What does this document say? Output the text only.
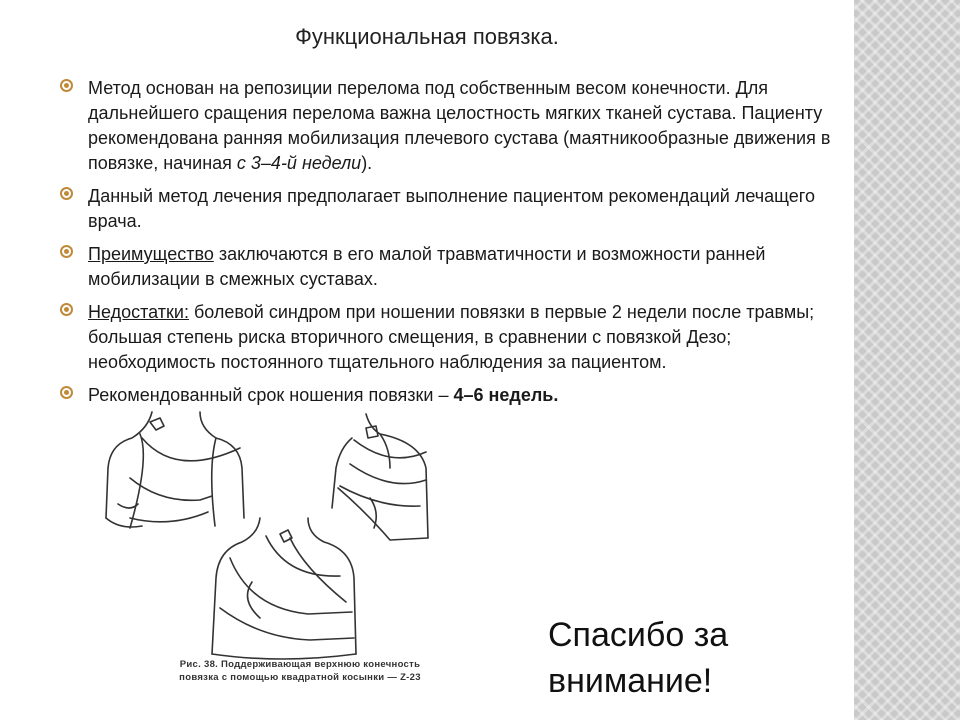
Функциональная повязка.
Метод основан на репозиции перелома под собственным весом конечности. Для дальнейшего сращения перелома важна целостность мягких тканей сустава. Пациенту рекомендована ранняя мобилизация плечевого сустава (маятникообразные движения в повязке, начиная с 3–4-й недели).
Данный метод лечения предполагает выполнение пациентом рекомендаций лечащего врача.
Преимущество заключаются в его малой травматичности и возможности ранней мобилизации в смежных суставах.
Недостатки: болевой синдром при ношении повязки в первые 2 недели после травмы; большая степень риска вторичного смещения, в сравнении с повязкой Дезо; необходимость постоянного тщательного наблюдения за пациентом.
Рекомендованный срок ношения повязки – 4–6 недель.
Рис. 38. Поддерживающая верхнюю конечность
повязка с помощью квадратной косынки — Z-23
Спасибо за
внимание!
